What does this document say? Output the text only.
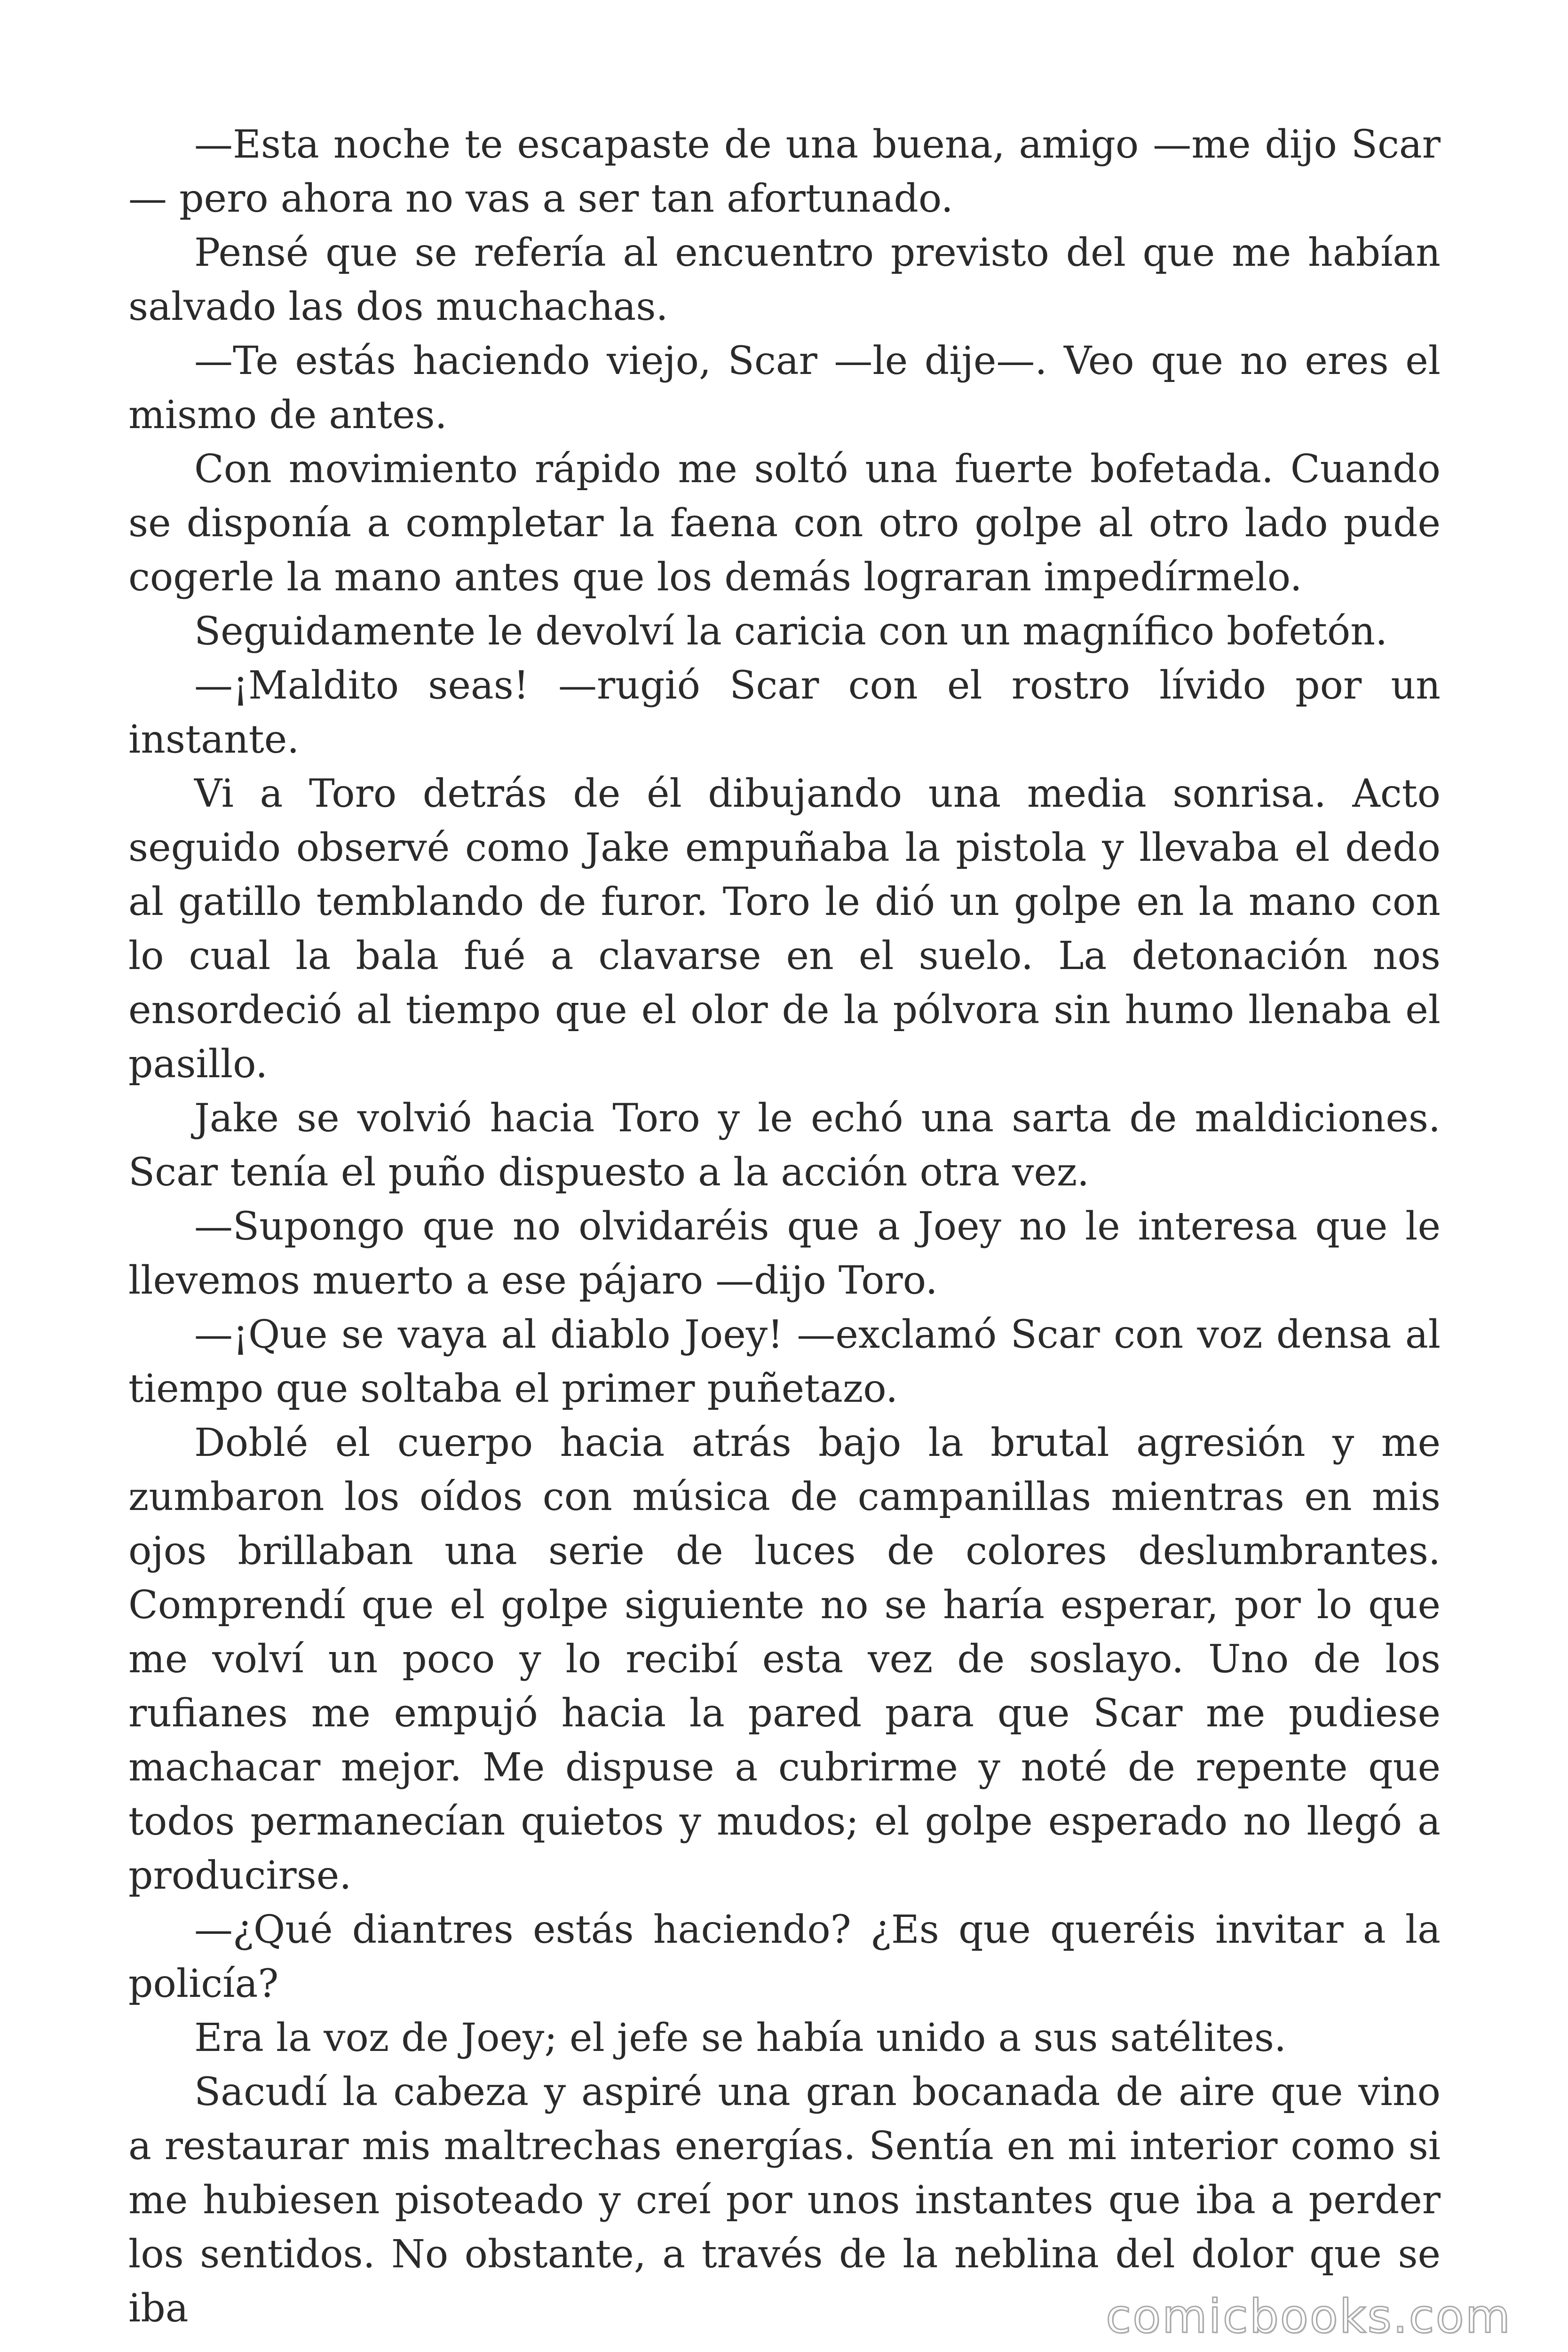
—Esta noche te escapaste de una buena, amigo —me dijo Scar— pero ahora no vas a ser tan afortunado.

Pensé que se refería al encuentro previsto del que me habían salvado las dos muchachas.

—Te estás haciendo viejo, Scar —le dije—. Veo que no eres el mismo de antes.

Con movimiento rápido me soltó una fuerte bofetada. Cuando se disponía a completar la faena con otro golpe al otro lado pude cogerle la mano antes que los demás lograran impedírmelo.

Seguidamente le devolví la caricia con un magnífico bofetón.

—¡Maldito seas! —rugió Scar con el rostro lívido por un instante.

Vi a Toro detrás de él dibujando una media sonrisa. Acto seguido observé como Jake empuñaba la pistola y llevaba el dedo al gatillo temblando de furor. Toro le dió un golpe en la mano con lo cual la bala fué a clavarse en el suelo. La detonación nos ensordeció al tiempo que el olor de la pólvora sin humo llenaba el pasillo.

Jake se volvió hacia Toro y le echó una sarta de maldiciones. Scar tenía el puño dispuesto a la acción otra vez.

—Supongo que no olvidaréis que a Joey no le interesa que le llevemos muerto a ese pájaro —dijo Toro.

—¡Que se vaya al diablo Joey! —exclamó Scar con voz densa al tiempo que soltaba el primer puñetazo.

Doblé el cuerpo hacia atrás bajo la brutal agresión y me zumbaron los oídos con música de campanillas mientras en mis ojos brillaban una serie de luces de colores deslumbrantes. Comprendí que el golpe siguiente no se haría esperar, por lo que me volví un poco y lo recibí esta vez de soslayo. Uno de los rufianes me empujó hacia la pared para que Scar me pudiese machacar mejor. Me dispuse a cubrirme y noté de repente que todos permanecían quietos y mudos; el golpe esperado no llegó a producirse.

—¿Qué diantres estás haciendo? ¿Es que queréis invitar a la policía?

Era la voz de Joey; el jefe se había unido a sus satélites.

Sacudí la cabeza y aspiré una gran bocanada de aire que vino a restaurar mis maltrechas energías. Sentía en mi interior como si me hubiesen pisoteado y creí por unos instantes que iba a perder los sentidos. No obstante, a través de la neblina del dolor que se iba	comicbooks.com
